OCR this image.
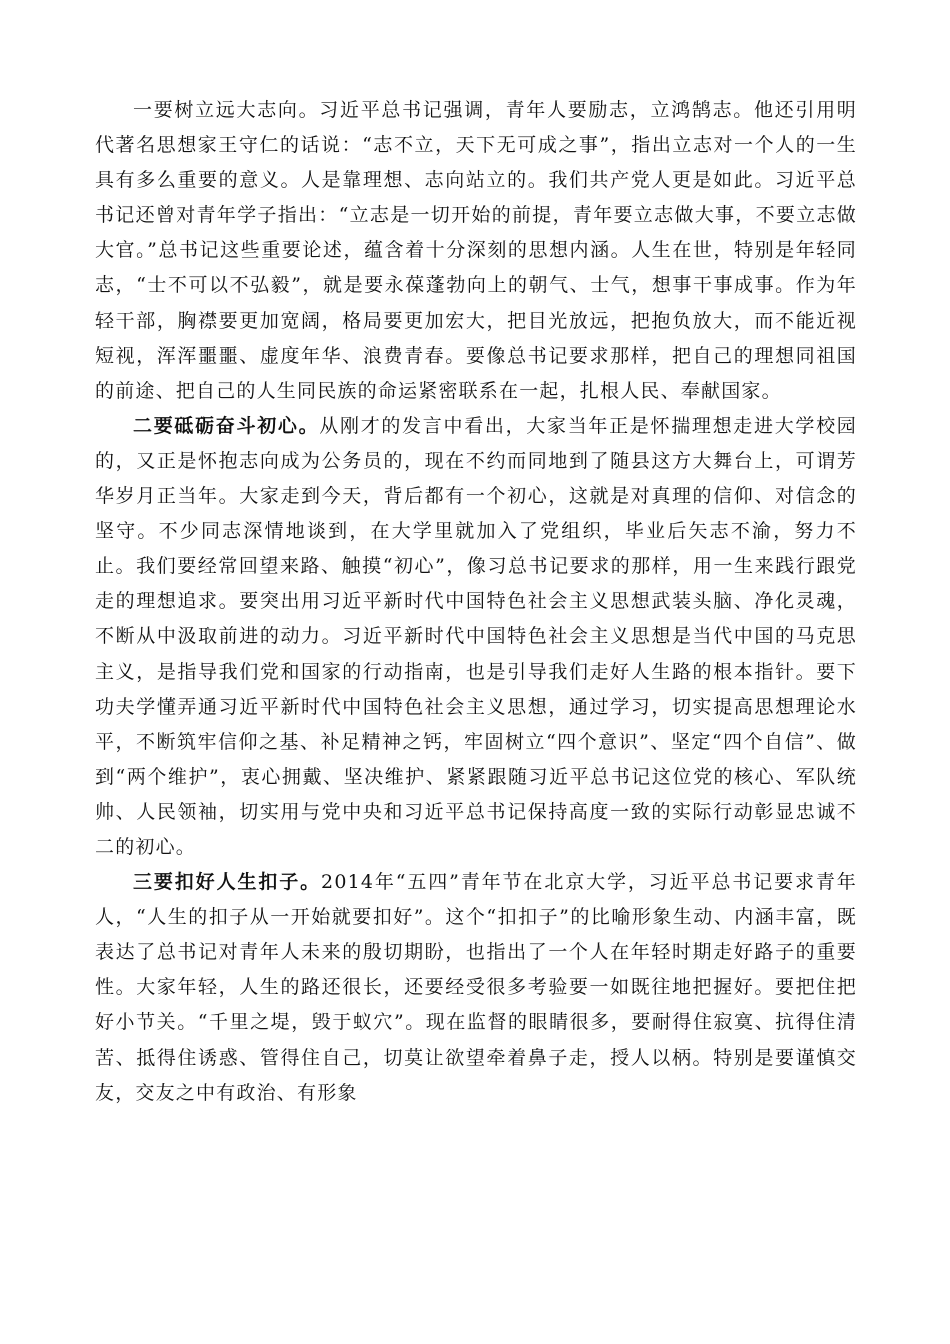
一要树立远大志向。习近平总书记强调，青年人要励志，立鸿鹄志。他还引用明代著名思想家王守仁的话说：“志不立，天下无可成之事”，指出立志对一个人的一生具有多么重要的意义。人是靠理想、志向站立的。我们共产党人更是如此。习近平总书记还曾对青年学子指出：“立志是一切开始的前提，青年要立志做大事，不要立志做大官。”总书记这些重要论述，蕴含着十分深刻的思想内涵。人生在世，特别是年轻同志，“士不可以不弘毅”，就是要永葆蓬勃向上的朝气、士气，想事干事成事。作为年轻干部，胸襟要更加宽阔，格局要更加宏大，把目光放远，把抱负放大，而不能近视短视，浑浑噩噩、虚度年华、浪费青春。要像总书记要求那样，把自己的理想同祖国的前途、把自己的人生同民族的命运紧密联系在一起，扎根人民、奉献国家。

二要砥砺奋斗初心。从刚才的发言中看出，大家当年正是怀揣理想走进大学校园的，又正是怀抱志向成为公务员的，现在不约而同地到了随县这方大舞台上，可谓芳华岁月正当年。大家走到今天，背后都有一个初心，这就是对真理的信仰、对信念的坚守。不少同志深情地谈到，在大学里就加入了党组织，毕业后矢志不渝，努力不止。我们要经常回望来路、触摸“初心”，像习总书记要求的那样，用一生来践行跟党走的理想追求。要突出用习近平新时代中国特色社会主义思想武装头脑、净化灵魂，不断从中汲取前进的动力。习近平新时代中国特色社会主义思想是当代中国的马克思主义，是指导我们党和国家的行动指南，也是引导我们走好人生路的根本指针。要下功夫学懂弄通习近平新时代中国特色社会主义思想，通过学习，切实提高思想理论水平，不断筑牢信仰之基、补足精神之钙，牢固树立“四个意识”、坚定“四个自信”、做到“两个维护”，衷心拥戴、坚决维护、紧紧跟随习近平总书记这位党的核心、军队统帅、人民领袖，切实用与党中央和习近平总书记保持高度一致的实际行动彰显忠诚不二的初心。

三要扣好人生扣子。2014年“五四”青年节在北京大学，习近平总书记要求青年人，“人生的扣子从一开始就要扣好”。这个“扣扣子”的比喻形象生动、内涵丰富，既表达了总书记对青年人未来的殷切期盼，也指出了一个人在年轻时期走好路子的重要性。大家年轻，人生的路还很长，还要经受很多考验要一如既往地把握好。要把住把好小节关。“千里之堤，毁于蚁穴”。现在监督的眼睛很多，要耐得住寂寞、抗得住清苦、抵得住诱惑、管得住自己，切莫让欲望牵着鼻子走，授人以柄。特别是要谨慎交友，交友之中有政治、有形象
